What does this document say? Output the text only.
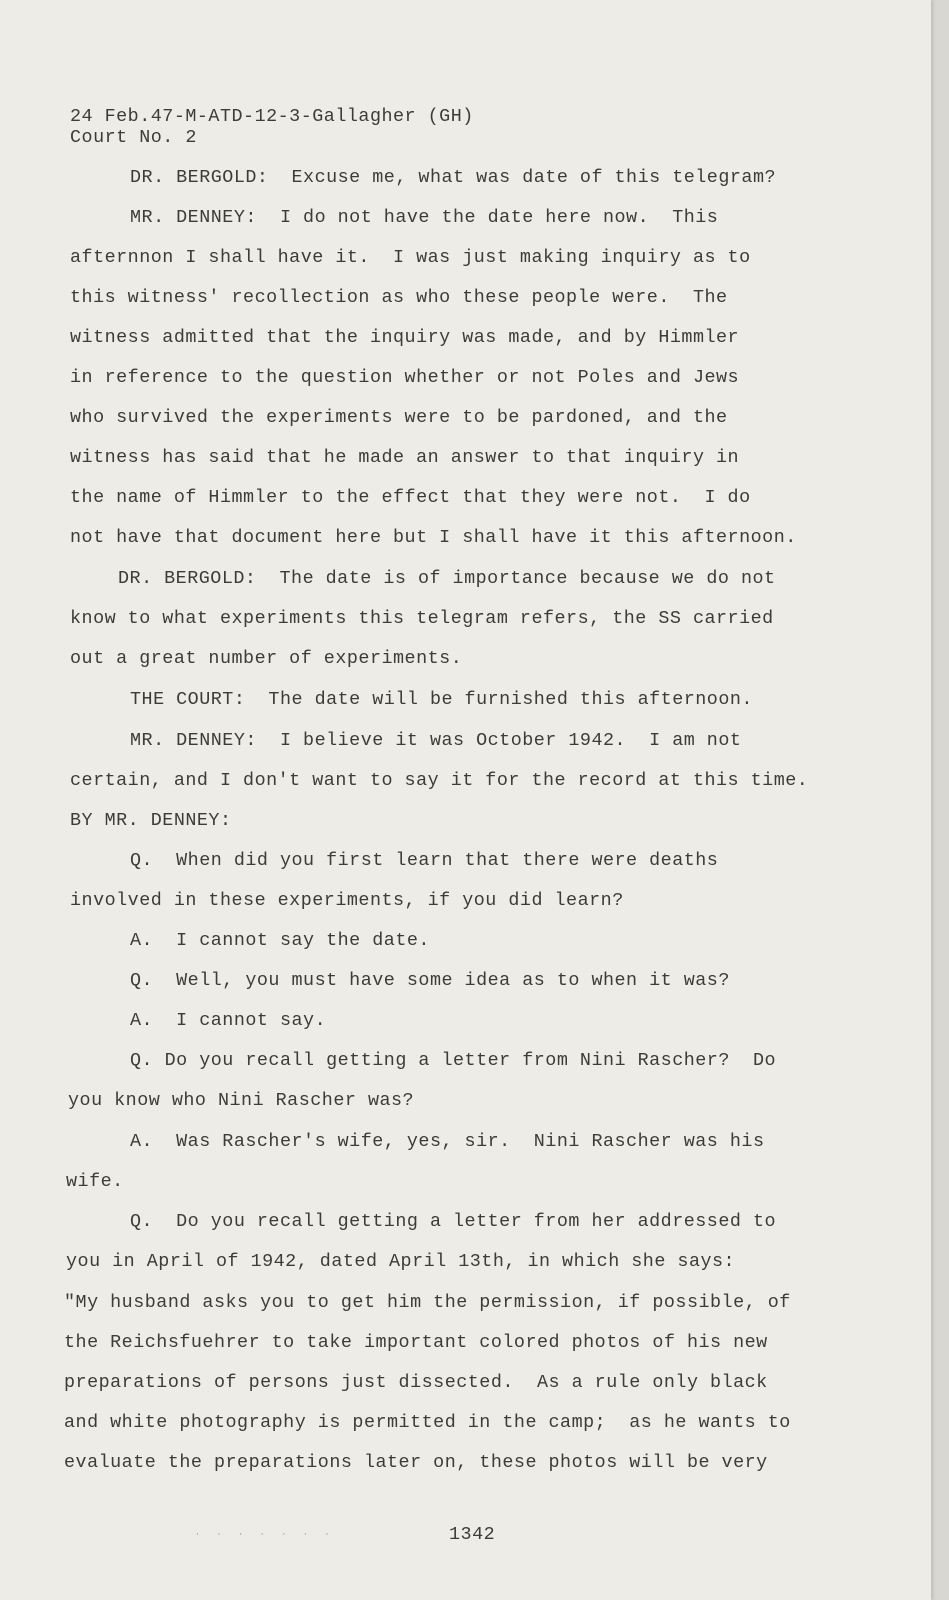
24 Feb.47-M-ATD-12-3-Gallagher (GH)
Court No. 2
DR. BERGOLD:  Excuse me, what was date of this telegram?
MR. DENNEY:  I do not have the date here now.  This
afternnon I shall have it.  I was just making inquiry as to
this witness' recollection as who these people were.  The
witness admitted that the inquiry was made, and by Himmler
in reference to the question whether or not Poles and Jews
who survived the experiments were to be pardoned, and the
witness has said that he made an answer to that inquiry in
the name of Himmler to the effect that they were not.  I do
not have that document here but I shall have it this afternoon.
DR. BERGOLD:  The date is of importance because we do not
know to what experiments this telegram refers, the SS carried
out a great number of experiments.
THE COURT:  The date will be furnished this afternoon.
MR. DENNEY:  I believe it was October 1942.  I am not
certain, and I don't want to say it for the record at this time.
BY MR. DENNEY:
Q.  When did you first learn that there were deaths
involved in these experiments, if you did learn?
A.  I cannot say the date.
Q.  Well, you must have some idea as to when it was?
A.  I cannot say.
Q. Do you recall getting a letter from Nini Rascher?  Do
you know who Nini Rascher was?
A.  Was Rascher's wife, yes, sir.  Nini Rascher was his
wife.
Q.  Do you recall getting a letter from her addressed to
you in April of 1942, dated April 13th, in which she says:
"My husband asks you to get him the permission, if possible, of
the Reichsfuehrer to take important colored photos of his new
preparations of persons just dissected.  As a rule only black
and white photography is permitted in the camp;  as he wants to
evaluate the preparations later on, these photos will be very
· · · · · · ·	1342
